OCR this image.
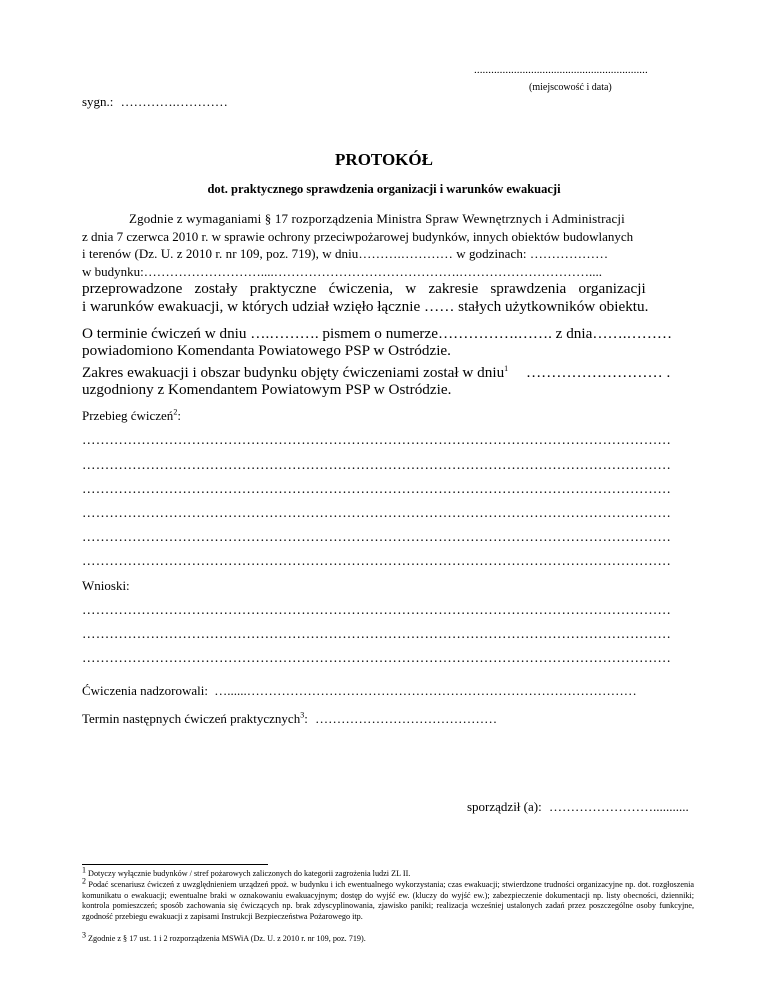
.............................................................
(miejscowość i data)
sygn.: ………….…………
PROTOKÓŁ
dot. praktycznego sprawdzenia organizacji i warunków ewakuacji
Zgodnie z wymaganiami § 17 rozporządzenia Ministra Spraw Wewnętrznych i Administracji
z dnia 7 czerwca 2010 r. w sprawie ochrony przeciwpożarowej budynków, innych obiektów budowlanych
i terenów (Dz. U. z 2010 r. nr 109, poz. 719), w dniu……….………… w godzinach: ………………
w budynku:………………………....…………………………………….…………………………....
przeprowadzone zostały praktyczne ćwiczenia, w zakresie sprawdzenia organizacji
i warunków ewakuacji, w których udział wzięło łącznie …… stałych użytkowników obiektu.
O terminie ćwiczeń w dniu ….………. pismem o numerze…………….……. z dnia…….………
powiadomiono Komendanta Powiatowego PSP w Ostródzie.
Zakres ewakuacji i obszar budynku objęty ćwiczeniami został w dniu$^1$ ……………………… .
uzgodniony z Komendantem Powiatowym PSP w Ostródzie.
Przebieg ćwiczeń$^2$:
…………………………………………………………………………………………………………………
…………………………………………………………………………………………………………………
…………………………………………………………………………………………………………………
…………………………………………………………………………………………………………………
…………………………………………………………………………………………………………………
…………………………………………………………………………………………………………………
Wnioski:
…………………………………………………………………………………………………………………
…………………………………………………………………………………………………………………
…………………………………………………………………………………………………………………
Ćwiczenia nadzorowali: …......………………………………………………………………………………
Termin następnych ćwiczeń praktycznych$^3$: ……………………………………
sporządził (a): ……………………...........
$^1$ Dotyczy wyłącznie budynków / stref pożarowych zaliczonych do kategorii zagrożenia ludzi ZL II.
$^2$ Podać scenariusz ćwiczeń z uwzględnieniem urządzeń ppoż. w budynku i ich ewentualnego wykorzystania; czas ewakuacji; stwierdzone trudności organizacyjne np. dot. rozgłoszenia komunikatu o ewakuacji; ewentualne braki w oznakowaniu ewakuacyjnym; dostęp do wyjść ew. (kluczy do wyjść ew.); zabezpieczenie dokumentacji np. listy obecności, dzienniki; kontrola pomieszczeń; sposób zachowania się ćwiczących np. brak zdyscyplinowania, zjawisko paniki; realizacja wcześniej ustalonych zadań przez poszczególne osoby funkcyjne, zgodność przebiegu ewakuacji z zapisami Instrukcji Bezpieczeństwa Pożarowego itp.
$^3$ Zgodnie z § 17 ust. 1 i 2 rozporządzenia MSWiA (Dz. U. z 2010 r. nr 109, poz. 719).
